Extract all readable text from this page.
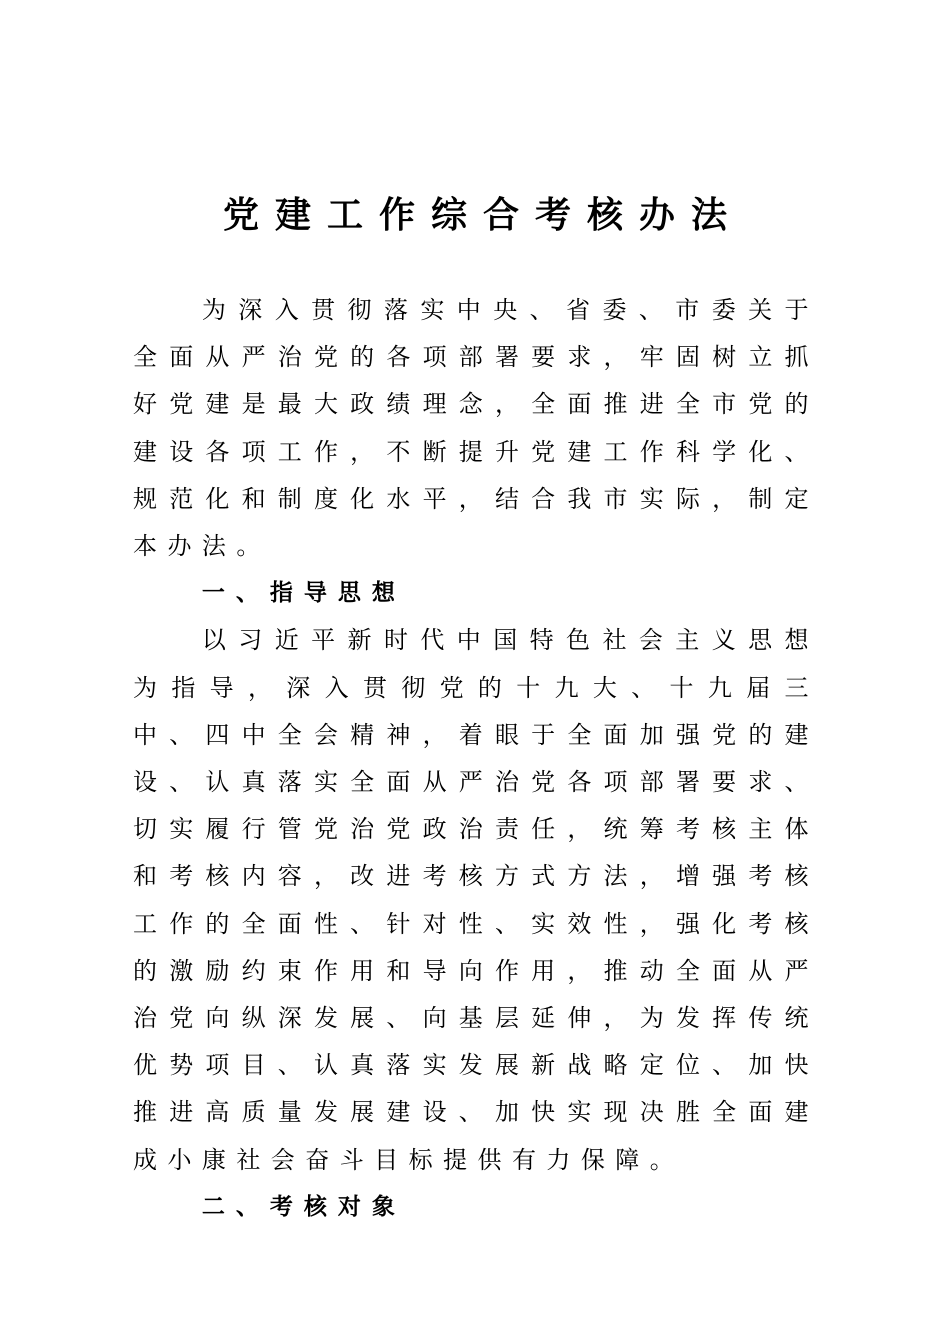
党建工作综合考核办法

为深入贯彻落实中央、省委、市委关于全面从严治党的各项部署要求，牢固树立抓好党建是最大政绩理念，全面推进全市党的建设各项工作，不断提升党建工作科学化、规范化和制度化水平，结合我市实际，制定本办法。

一、指导思想

以习近平新时代中国特色社会主义思想为指导，深入贯彻党的十九大、十九届三中、四中全会精神，着眼于全面加强党的建设、认真落实全面从严治党各项部署要求、切实履行管党治党政治责任，统筹考核主体和考核内容，改进考核方式方法，增强考核工作的全面性、针对性、实效性，强化考核的激励约束作用和导向作用，推动全面从严治党向纵深发展、向基层延伸，为发挥传统优势项目、认真落实发展新战略定位、加快推进高质量发展建设、加快实现决胜全面建成小康社会奋斗目标提供有力保障。

二、考核对象
